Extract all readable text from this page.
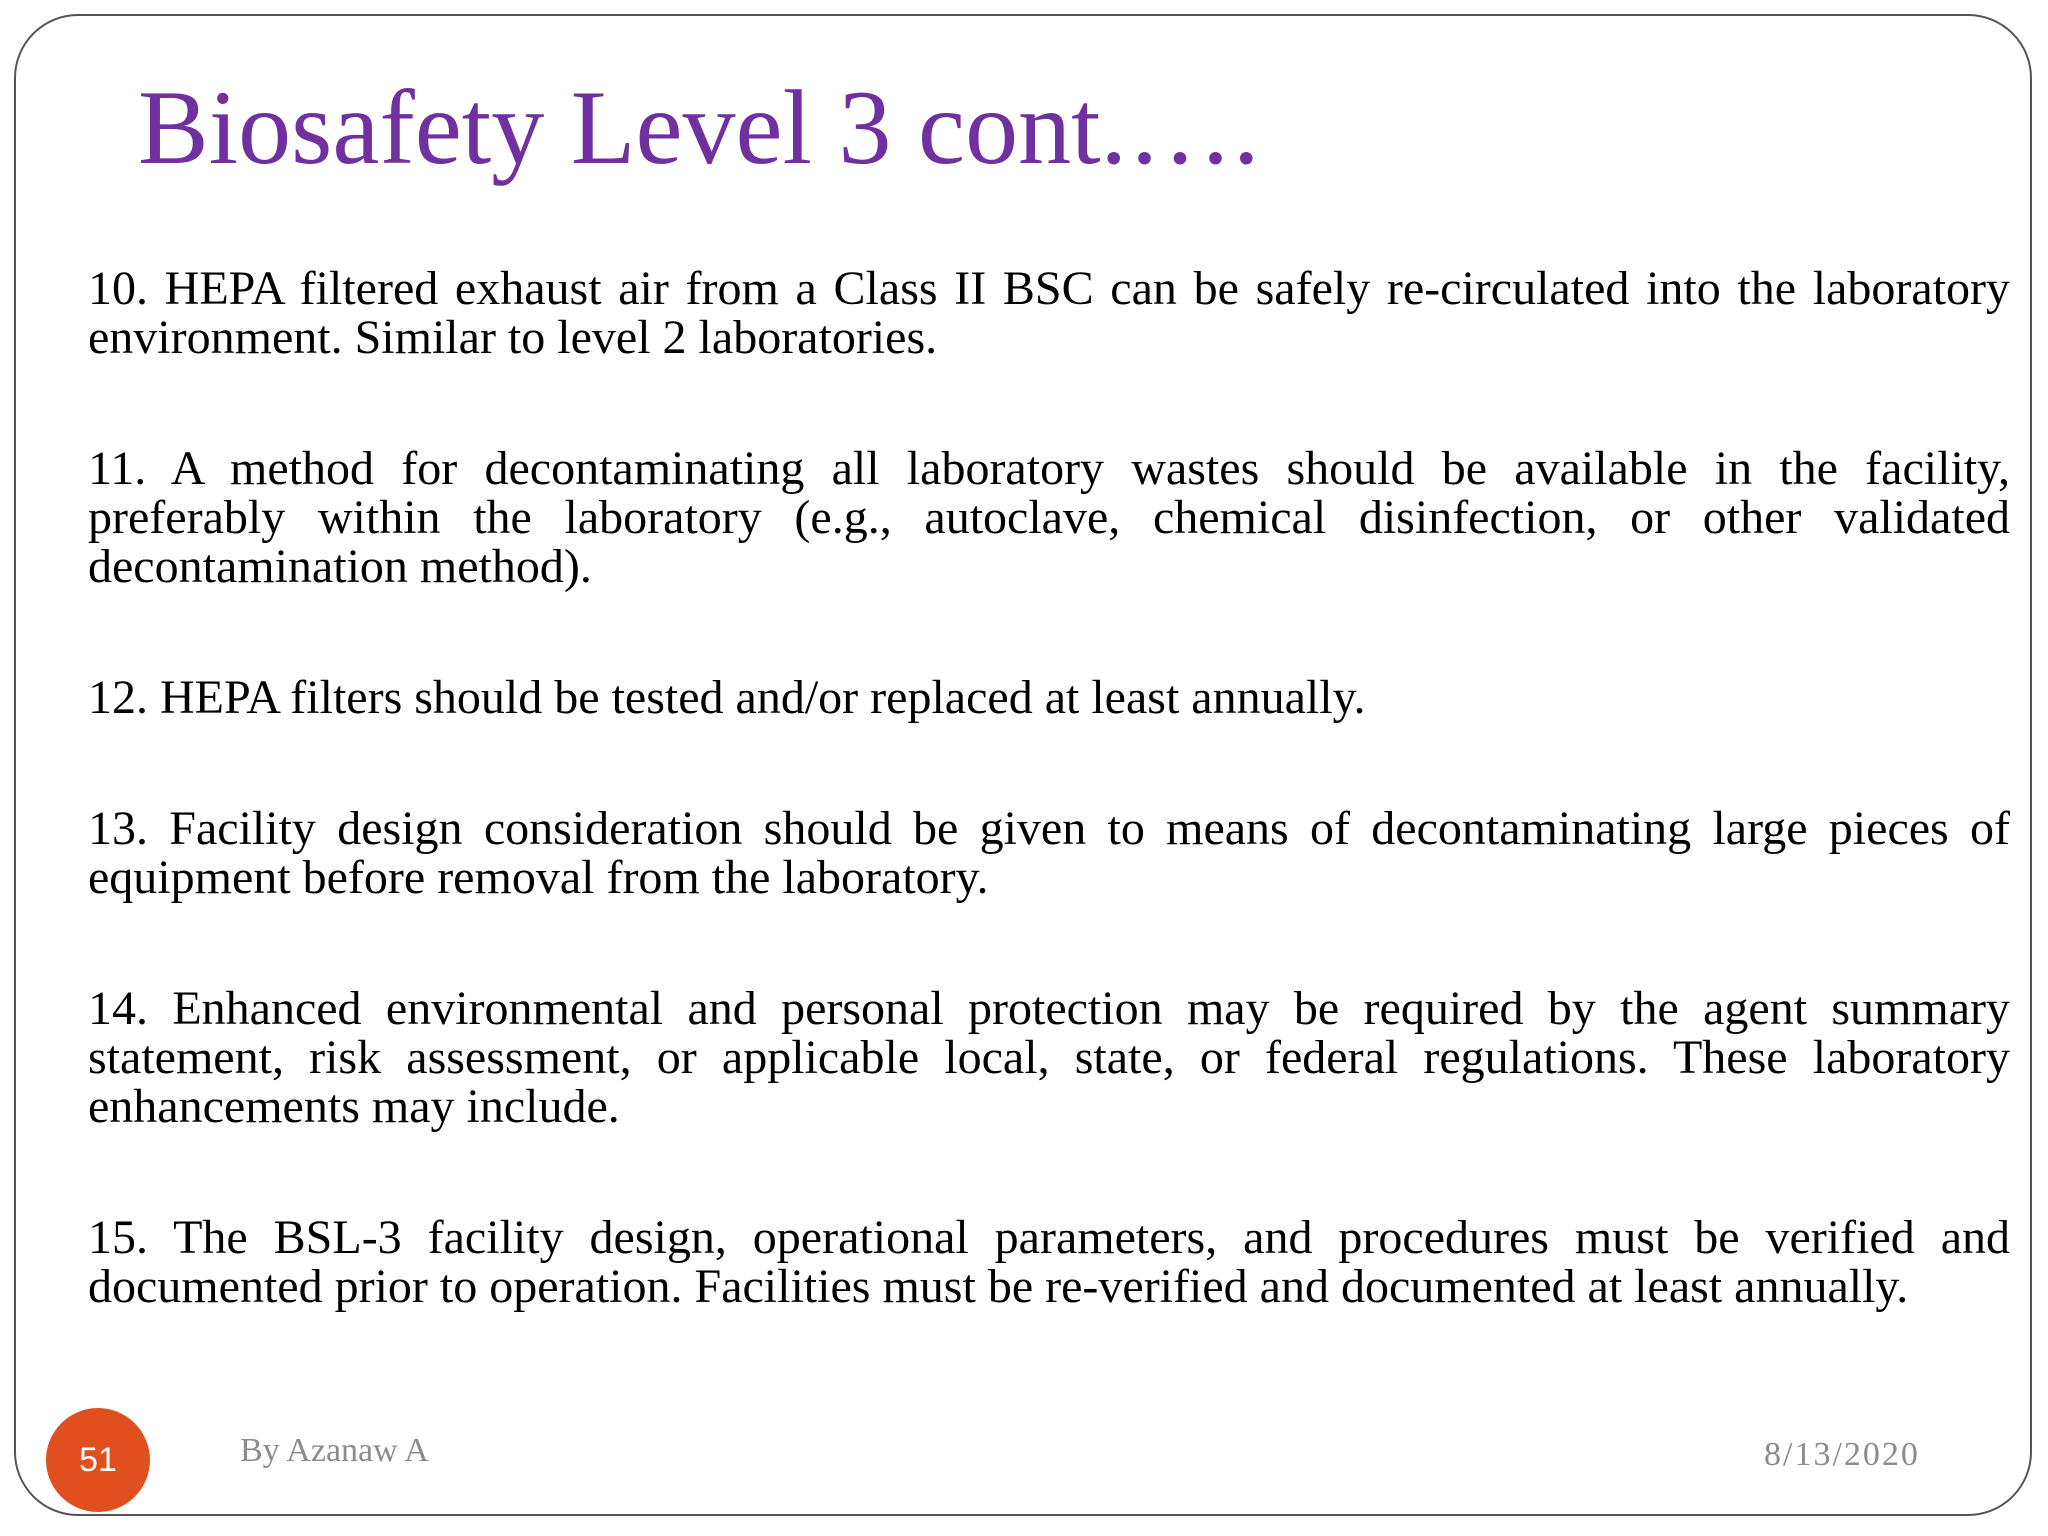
Biosafety Level 3 cont.….

10. HEPA filtered exhaust air from a Class II BSC can be safely re-circulated into the laboratory environment. Similar to level 2 laboratories.

11. A method for decontaminating all laboratory wastes should be available in the facility, preferably within the laboratory (e.g., autoclave, chemical disinfection, or other validated decontamination method).

12. HEPA filters should be tested and/or replaced at least annually.

13. Facility design consideration should be given to means of decontaminating large pieces of equipment before removal from the laboratory.

14. Enhanced environmental and personal protection may be required by the agent summary statement, risk assessment, or applicable local, state, or federal regulations. These laboratory enhancements may include.

15. The BSL-3 facility design, operational parameters, and procedures must be verified and documented prior to operation. Facilities must be re-verified and documented at least annually.

51	By Azanaw A	8/13/2020
